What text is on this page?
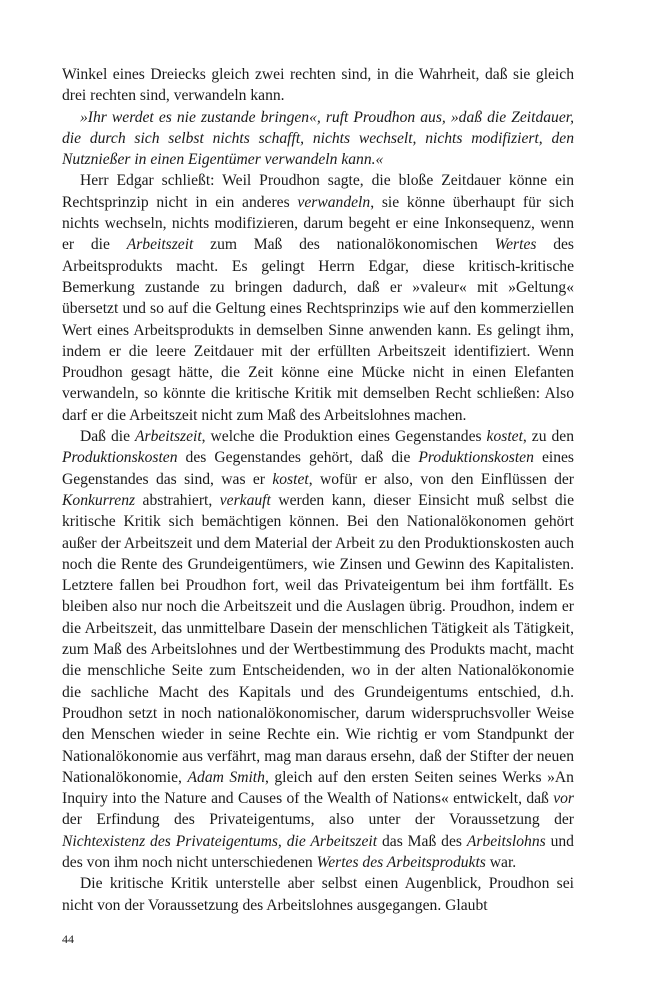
Winkel eines Dreiecks gleich zwei rechten sind, in die Wahrheit, daß sie gleich drei rechten sind, verwandeln kann.

»Ihr werdet es nie zustande bringen«, ruft Proudhon aus, »daß die Zeitdauer, die durch sich selbst nichts schafft, nichts wechselt, nichts modifiziert, den Nutznießer in einen Eigentümer verwandeln kann.«

Herr Edgar schließt: Weil Proudhon sagte, die bloße Zeitdauer könne ein Rechtsprinzip nicht in ein anderes verwandeln, sie könne überhaupt für sich nichts wechseln, nichts modifizieren, darum begeht er eine Inkonsequenz, wenn er die Arbeitszeit zum Maß des nationalökonomischen Wertes des Arbeitsprodukts macht. Es gelingt Herrn Edgar, diese kritisch-kritische Bemerkung zustande zu bringen dadurch, daß er »valeur« mit »Geltung« übersetzt und so auf die Geltung eines Rechtsprinzips wie auf den kommerziellen Wert eines Arbeitsprodukts in demselben Sinne anwenden kann. Es gelingt ihm, indem er die leere Zeitdauer mit der erfüllten Arbeitszeit identifiziert. Wenn Proudhon gesagt hätte, die Zeit könne eine Mücke nicht in einen Elefanten verwandeln, so könnte die kritische Kritik mit demselben Recht schließen: Also darf er die Arbeitszeit nicht zum Maß des Arbeitslohnes machen.

Daß die Arbeitszeit, welche die Produktion eines Gegenstandes kostet, zu den Produktionskosten des Gegenstandes gehört, daß die Produktionskosten eines Gegenstandes das sind, was er kostet, wofür er also, von den Einflüssen der Konkurrenz abstrahiert, verkauft werden kann, dieser Einsicht muß selbst die kritische Kritik sich bemächtigen können. Bei den Nationalökonomen gehört außer der Arbeitszeit und dem Material der Arbeit zu den Produktionskosten auch noch die Rente des Grundeigentümers, wie Zinsen und Gewinn des Kapitalisten. Letztere fallen bei Proudhon fort, weil das Privateigentum bei ihm fortfällt. Es bleiben also nur noch die Arbeitszeit und die Auslagen übrig. Proudhon, indem er die Arbeitszeit, das unmittelbare Dasein der menschlichen Tätigkeit als Tätigkeit, zum Maß des Arbeitslohnes und der Wertbestimmung des Produkts macht, macht die menschliche Seite zum Entscheidenden, wo in der alten Nationalökonomie die sachliche Macht des Kapitals und des Grundeigentums entschied, d.h. Proudhon setzt in noch nationalökonomischer, darum widerspruchsvoller Weise den Menschen wieder in seine Rechte ein. Wie richtig er vom Standpunkt der Nationalökonomie aus verfährt, mag man daraus ersehn, daß der Stifter der neuen Nationalökonomie, Adam Smith, gleich auf den ersten Seiten seines Werks »An Inquiry into the Nature and Causes of the Wealth of Nations« entwickelt, daß vor der Erfindung des Privateigentums, also unter der Voraussetzung der Nichtexistenz des Privateigentums, die Arbeitszeit das Maß des Arbeitslohns und des von ihm noch nicht unterschiedenen Wertes des Arbeitsprodukts war.

Die kritische Kritik unterstelle aber selbst einen Augenblick, Proudhon sei nicht von der Voraussetzung des Arbeitslohnes ausgegangen. Glaubt

44
